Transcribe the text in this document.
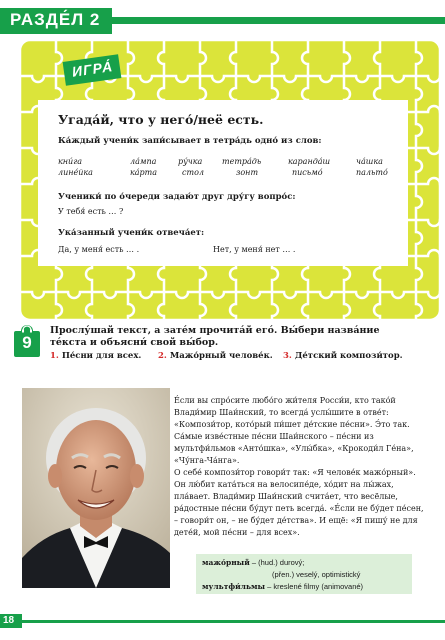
РАЗДЕ́Л 2
ИГРА́
Угада́й, что у него́/неё есть.
Ка́ждый учени́к запи́сывает в тетра́дь одно́ из слов:
кни́га	ла́мпа	ру́чка тетра́дь	каранда́ш	ча́шка
лине́йка	ка́рта	стол	зонт	письмо́	пальто́
Ученики́ по о́череди задаю́т друг дру́гу вопро́с:
У тебя́ есть … ?
Ука́занный учени́к отвеча́ет:
Да, у меня́ есть … .	Нет, у меня́ нет … .
9
Прослу́шай текст, а зате́м прочита́й его́. Вы́бери назва́ние те́кста и объясни́ свой вы́бор.
1. Пе́сни для всех. 2. Мажо́рный челове́к. 3. Де́тский компози́тор.

Е́сли вы спро́сите любо́го жи́теля Росси́и, кто тако́й Влади́мир Шаи́нский, то всегда́ услы́шите в отве́т: «Компози́тор, кото́рый пи́шет де́тские пе́сни». Э́то так. Са́мые изве́стные пе́сни Шаи́нского – пе́сни из мультфи́льмов «Анто́шка», «Улы́бка», «Крокоди́л Ге́на», «Чу́нга-Ча́нга».

О себе́ компози́тор говори́т так: «Я челове́к мажо́рный». Он лю́бит ката́ться на велосипе́де, хо́дит на лы́жах, пла́вает. Влади́мир Шаи́нский счита́ет, что весёлые, ра́достные пе́сни бу́дут петь всегда́. «Е́сли не бу́дет пе́сен, – говори́т он, – не бу́дет де́тства». И ещё: «Я пишу́ не для дете́й, мой пе́сни – для всех».

мажо́рный – (hud.) durový;
(přen.) veselý, optimistický
мультфи́льмы – kreslené filmy (animované)
18
